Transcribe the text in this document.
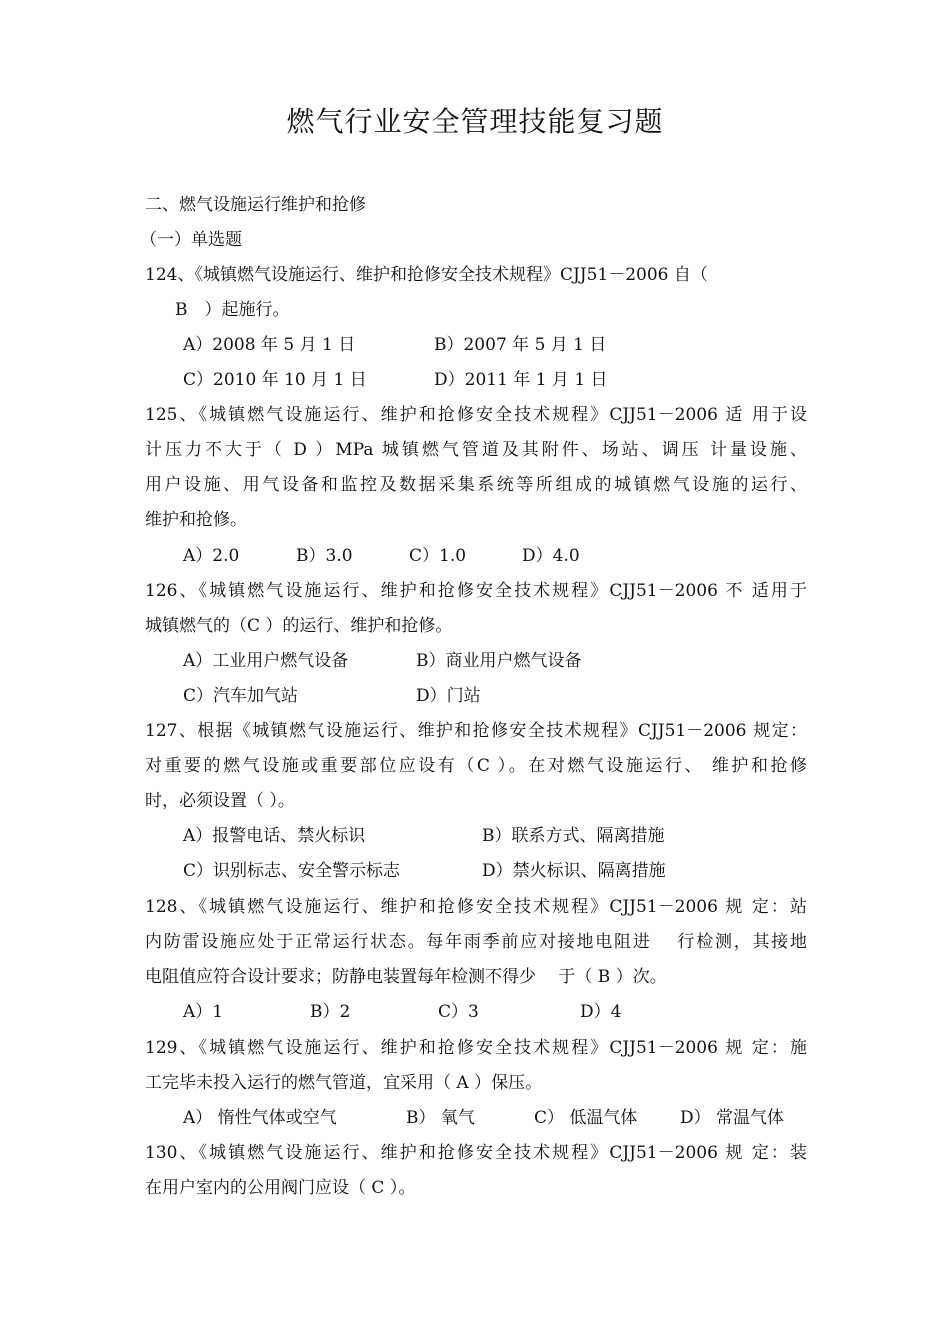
燃气行业安全管理技能复习题
二、燃气设施运行维护和抢修
（一）单选题
124、《城镇燃气设施运行、维护和抢修安全技术规程》CJJ51－2006 自（
B　）起施行。
A）2008 年 5 月 1 日	B）2007 年 5 月 1 日
C）2010 年 10 月 1 日	D）2011 年 1 月 1 日
125、《城镇燃气设施运行、维护和抢修安全技术规程》CJJ51－2006 适 用于设
计压力不大于（ D ）MPa 城镇燃气管道及其附件、场站、调压 计量设施、
用户设施、用气设备和监控及数据采集系统等所组成的城镇燃气设施的运行、
维护和抢修。
A）2.0	B）3.0	C）1.0	D）4.0
126、《城镇燃气设施运行、维护和抢修安全技术规程》CJJ51－2006 不 适用于
城镇燃气的（C ）的运行、维护和抢修。
A）工业用户燃气设备	B）商业用户燃气设备
C）汽车加气站	D）门站
127、根据《城镇燃气设施运行、维护和抢修安全技术规程》CJJ51－2006 规定：
对重要的燃气设施或重要部位应设有（C ）。在对燃气设施运行、 维护和抢修
时，必须设置（ ）。
A）报警电话、禁火标识	B）联系方式、隔离措施
C）识别标志、安全警示标志	D）禁火标识、隔离措施
128、《城镇燃气设施运行、维护和抢修安全技术规程》CJJ51－2006 规 定：站
内防雷设施应处于正常运行状态。每年雨季前应对接地电阻进　 行检测，其接地
电阻值应符合设计要求；防静电装置每年检测不得少　 于（ B ）次。
A）1	B）2	C）3	D）4
129、《城镇燃气设施运行、维护和抢修安全技术规程》CJJ51－2006 规 定：施
工完毕未投入运行的燃气管道，宜采用（ A ）保压。
A） 惰性气体或空气	B） 氧气	C） 低温气体	D） 常温气体
130、《城镇燃气设施运行、维护和抢修安全技术规程》CJJ51－2006 规 定：装
在用户室内的公用阀门应设（ C ）。
